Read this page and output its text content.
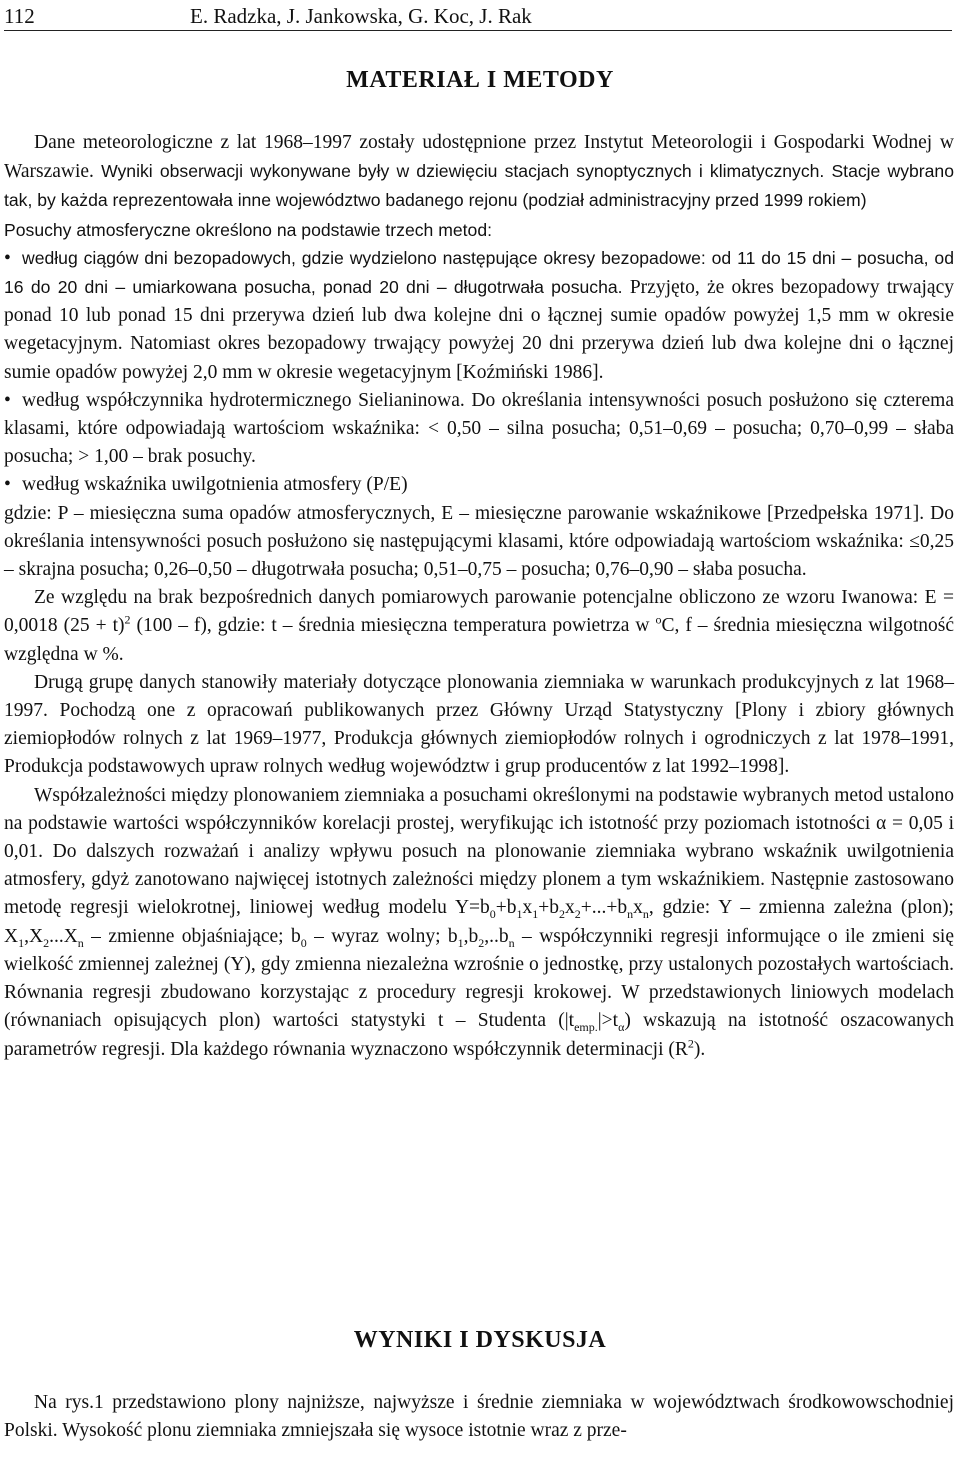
112	E. Radzka, J. Jankowska, G. Koc, J. Rak
MATERIAŁ I METODY

Dane meteorologiczne z lat 1968–1997 zostały udostępnione przez Instytut Meteorologii i Gospodarki Wodnej w Warszawie. Wyniki obserwacji wykonywane były w dziewięciu stacjach synoptycznych i klimatycznych. Stacje wybrano tak, by każda reprezentowała inne województwo badanego rejonu (podział administracyjny przed 1999 rokiem)

Posuchy atmosferyczne określono na podstawie trzech metod:

• według ciągów dni bezopadowych, gdzie wydzielono następujące okresy bezopadowe: od 11 do 15 dni – posucha, od 16 do 20 dni – umiarkowana posucha, ponad 20 dni – długotrwała posucha. Przyjęto, że okres bezopadowy trwający ponad 10 lub ponad 15 dni przerywa dzień lub dwa kolejne dni o łącznej sumie opadów powyżej 1,5 mm w okresie wegetacyjnym. Natomiast okres bezopadowy trwający powyżej 20 dni przerywa dzień lub dwa kolejne dni o łącznej sumie opadów powyżej 2,0 mm w okresie wegetacyjnym [Koźmiński 1986].

• według współczynnika hydrotermicznego Sielianinowa. Do określania intensywności posuch posłużono się czterema klasami, które odpowiadają wartościom wskaźnika: < 0,50 – silna posucha; 0,51–0,69 – posucha; 0,70–0,99 – słaba posucha; > 1,00 – brak posuchy.

• według wskaźnika uwilgotnienia atmosfery (P/E)

gdzie: P – miesięczna suma opadów atmosferycznych, E – miesięczne parowanie wskaźnikowe [Przedpełska 1971]. Do określania intensywności posuch posłużono się następującymi klasami, które odpowiadają wartościom wskaźnika: ≤0,25 – skrajna posucha; 0,26–0,50 – długotrwała posucha; 0,51–0,75 – posucha; 0,76–0,90 – słaba posucha.

Ze względu na brak bezpośrednich danych pomiarowych parowanie potencjalne obliczono ze wzoru Iwanowa: E = 0,0018 $(25 + t)^2$ (100 – f), gdzie: t – średnia miesięczna temperatura powietrza w $^o$C, f – średnia miesięczna wilgotność względna w %.

Drugą grupę danych stanowiły materiały dotyczące plonowania ziemniaka w warunkach produkcyjnych z lat 1968–1997. Pochodzą one z opracowań publikowanych przez Główny Urząd Statystyczny [Plony i zbiory głównych ziemiopłodów rolnych z lat 1969–1977, Produkcja głównych ziemiopłodów rolnych i ogrodniczych z lat 1978–1991, Produkcja podstawowych upraw rolnych według województw i grup producentów z lat 1992–1998].

Współzależności między plonowaniem ziemniaka a posuchami określonymi na podstawie wybranych metod ustalono na podstawie wartości współczynników korelacji prostej, weryfikując ich istotność przy poziomach istotności α = 0,05 i 0,01. Do dalszych rozważań i analizy wpływu posuch na plonowanie ziemniaka wybrano wskaźnik uwilgotnienia atmosfery, gdyż zanotowano najwięcej istotnych zależności między plonem a tym wskaźnikiem. Następnie zastosowano metodę regresji wielokrotnej, liniowej według modelu $Y=b_0+b_1x_1+b_2x_2+...+b_nx_n$, gdzie: Y – zmienna zależna (plon); $X_1,X_2...X_n$ – zmienne objaśniające; $b_0$ – wyraz wolny; $b_1,b_2,..b_n$ – współczynniki regresji informujące o ile zmieni się wielkość zmiennej zależnej (Y), gdy zmienna niezależna wzrośnie o jednostkę, przy ustalonych pozostałych wartościach. Równania regresji zbudowano korzystając z procedury regresji krokowej. W przedstawionych liniowych modelach (równaniach opisujących plon) wartości statystyki t – Studenta $(|t_{emp.}|>t_\alpha)$ wskazują na istotność oszacowanych parametrów regresji. Dla każdego równania wyznaczono współczynnik determinacji $(R^2)$.

WYNIKI I DYSKUSJA

Na rys.1 przedstawiono plony najniższe, najwyższe i średnie ziemniaka w województwach środkowowschodniej Polski. Wysokość plonu ziemniaka zmniejszała się wysoce istotnie wraz z prze-
